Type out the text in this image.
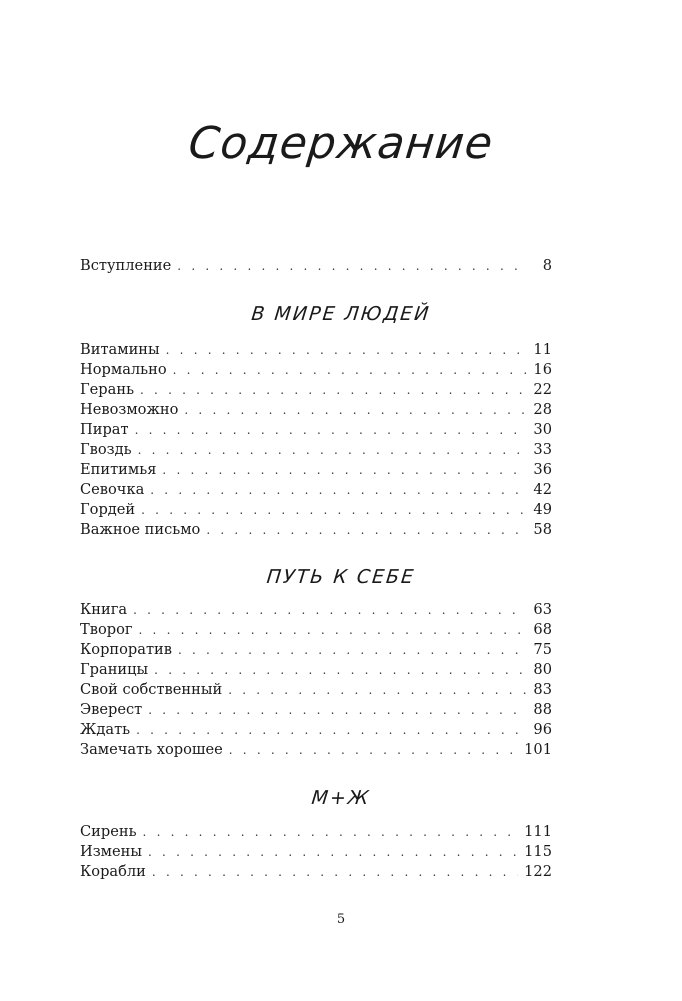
Содержание
Вступление . . .	8
В МИРЕ ЛЮДЕЙ
Витамины . . .	11
Нормально . . .	16
Герань . . .	22
Невозможно . . .	28
Пират . . .	30
Гвоздь . . .	33
Епитимья . . .	36
Севочка . . .	42
Гордей . . .	49
Важное письмо . . .	58
ПУТЬ К СЕБЕ
Книга . . .	63
Творог . . .	68
Корпоратив . . .	75
Границы . . .	80
Свой собственный . . .	83
Эверест . . .	88
Ждать . . .	96
Замечать хорошее . . .	101
М+Ж
Сирень . . .	111
Измены . . .	115
Корабли . . .	122
5
